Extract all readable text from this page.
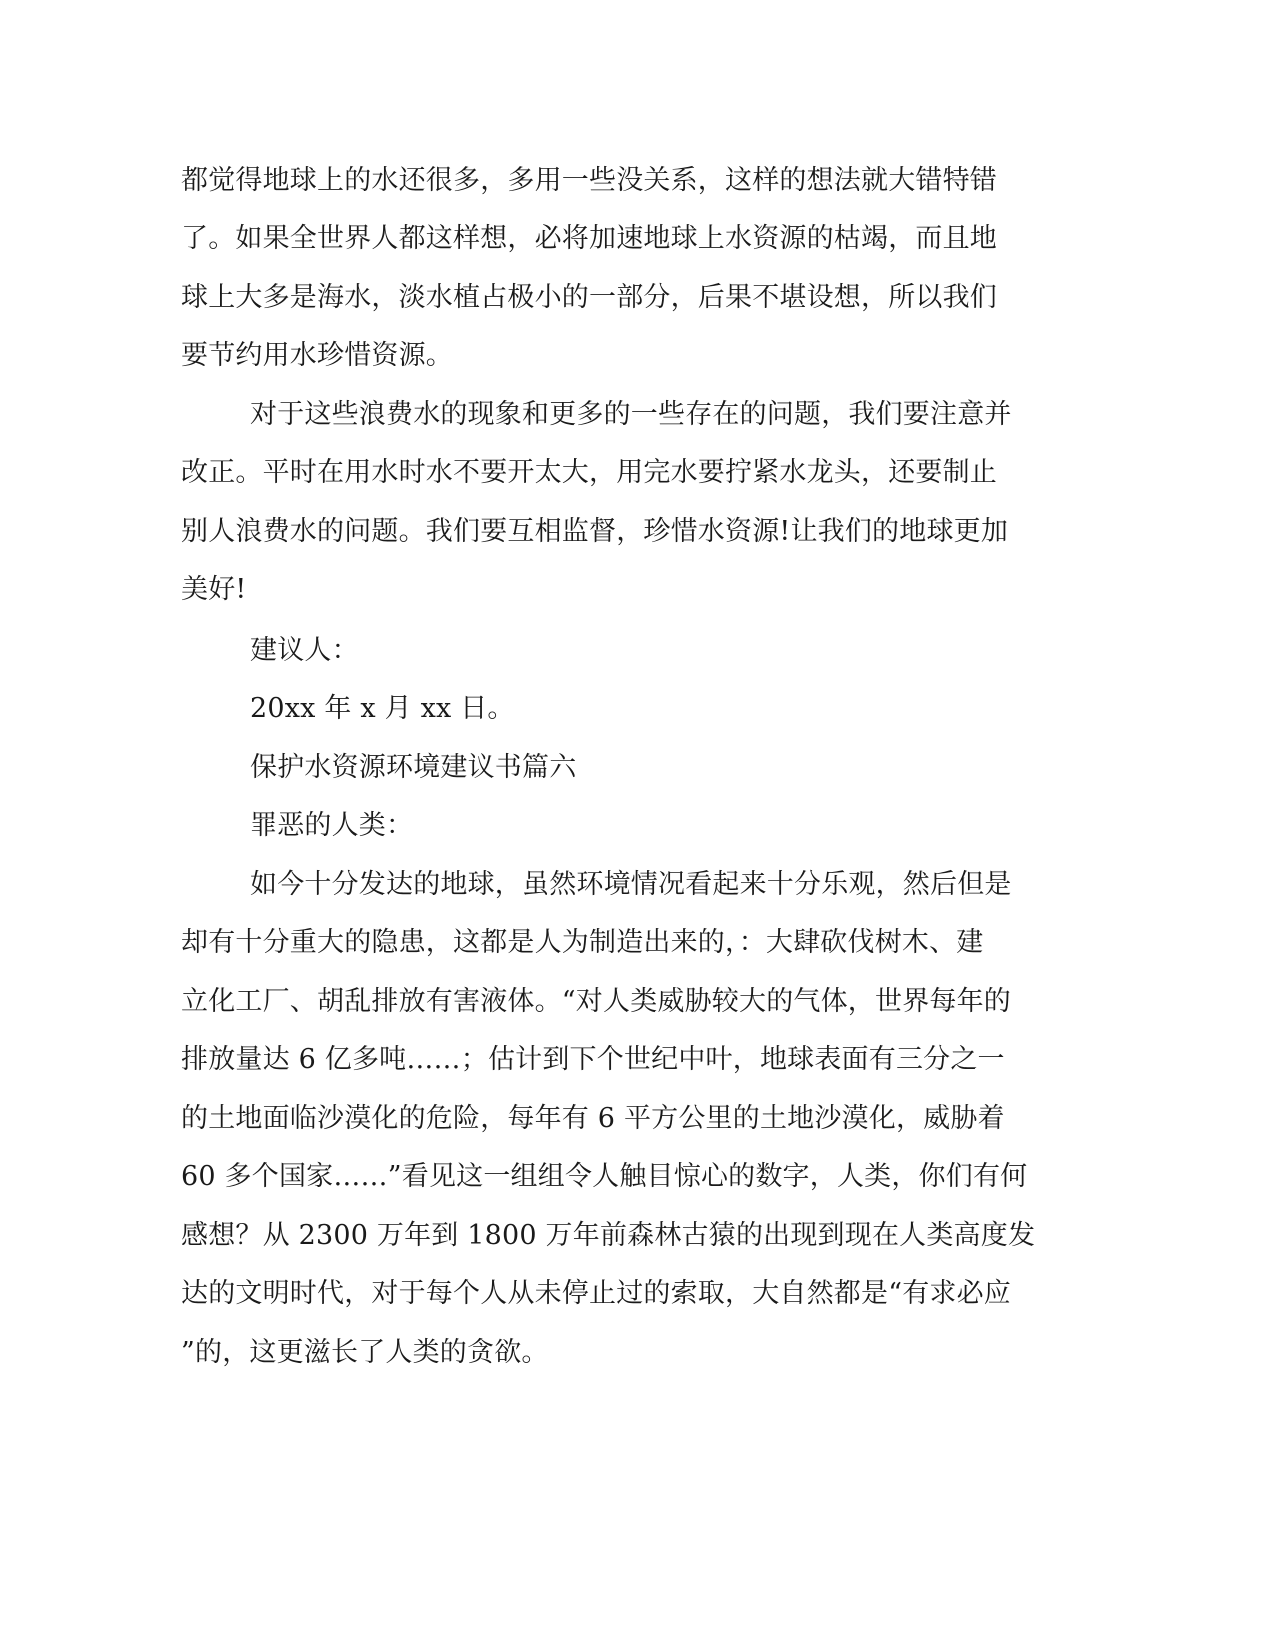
都觉得地球上的水还很多，多用一些没关系，这样的想法就大错特错

了。如果全世界人都这样想，必将加速地球上水资源的枯竭，而且地

球上大多是海水，淡水植占极小的一部分，后果不堪设想，所以我们

要节约用水珍惜资源。

对于这些浪费水的现象和更多的一些存在的问题，我们要注意并

改正。平时在用水时水不要开太大，用完水要拧紧水龙头，还要制止

别人浪费水的问题。我们要互相监督，珍惜水资源!让我们的地球更加

美好!

建议人：

20xx 年 x 月 xx 日。

保护水资源环境建议书篇六

罪恶的人类：

如今十分发达的地球，虽然环境情况看起来十分乐观，然后但是

却有十分重大的隐患，这都是人为制造出来的，：大肆砍伐树木、建

立化工厂、胡乱排放有害液体。“对人类威胁较大的气体，世界每年的

排放量达 6 亿多吨……；估计到下个世纪中叶，地球表面有三分之一

的土地面临沙漠化的危险，每年有 6 平方公里的土地沙漠化，威胁着

60 多个国家……”看见这一组组令人触目惊心的数字，人类，你们有何

感想？从 2300 万年到 1800 万年前森林古猿的出现到现在人类高度发

达的文明时代，对于每个人从未停止过的索取，大自然都是“有求必应

”的，这更滋长了人类的贪欲。
